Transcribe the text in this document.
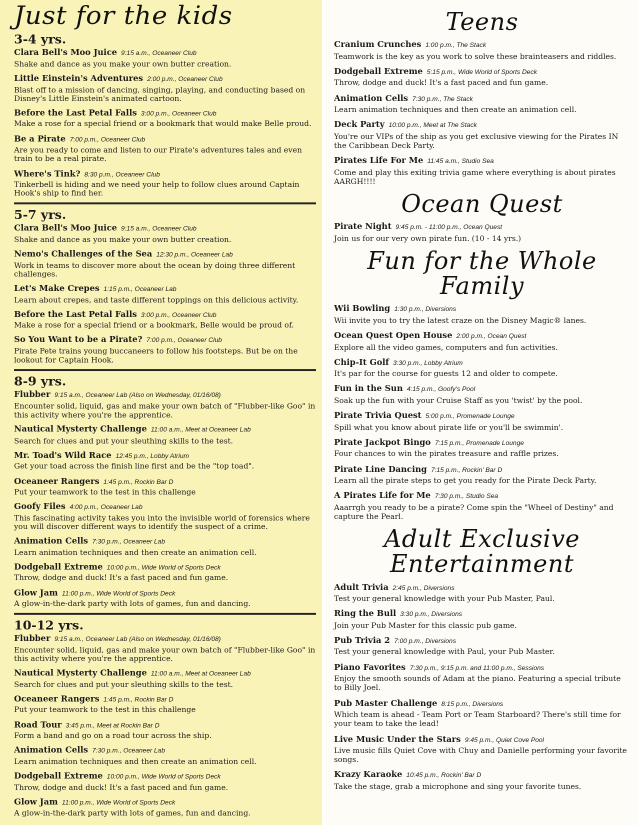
Just for the kids
3-4 yrs.
Clara Bell's Moo Juice 9:15 a.m., Oceaneer Club
Shake and dance as you make your own butter creation.
Little Einstein's Adventures 2:00 p.m., Oceaneer Club
Blast off to a mission of dancing, singing, playing, and conducting based on Disney's Little Einstein's animated cartoon.
Before the Last Petal Falls 3:00 p.m., Oceaneer Club
Make a rose for a special friend or a bookmark that would make Belle proud.
Be a Pirate 7:00 p.m., Oceaneer Club
Are you ready to come and listen to our Pirate's adventures tales and even train to be a real pirate.
Where's Tink? 8:30 p.m., Oceaneer Club
Tinkerbell is hiding and we need your help to follow clues around Captain Hook's ship to find her.
5-7 yrs.
Clara Bell's Moo Juice 9:15 a.m., Oceaneer Club
Shake and dance as you make your own butter creation.
Nemo's Challenges of the Sea 12:30 p.m., Oceaneer Lab
Work in teams to discover more about the ocean by doing three different challenges.
Let's Make Crepes 1:15 p.m., Oceaneer Lab
Learn about crepes, and taste different toppings on this delicious activity.
Before the Last Petal Falls 3:00 p.m., Oceaneer Club
Make a rose for a special friend or a bookmark, Belle would be proud of.
So You Want to be a Pirate? 7:00 p.m., Oceaneer Club
Pirate Pete trains young buccaneers to follow his footsteps. But be on the lookout for Captain Hook.
8-9 yrs.
Flubber 9:15 a.m., Oceaneer Lab (Also on Wednesday, 01/16/08)
Encounter solid, liquid, gas and make your own batch of "Flubber-like Goo" in this activity where you're the apprentice.
Nautical Mysterty Challenge 11:00 a.m., Meet at Oceaneer Lab
Search for clues and put your sleuthing skills to the test.
Mr. Toad's Wild Race 12:45 p.m., Lobby Atrium
Get your toad across the finish line first and be the "top toad".
Oceaneer Rangers 1:45 p.m., Rockin Bar D
Put your teamwork to the test in this challenge
Goofy Files 4:00 p.m., Oceaneer Lab
This fascinating activity takes you into the invisible world of forensics where you will discover different ways to identify the suspect of a crime.
Animation Cells 7:30 p.m., Oceaneer Lab
Learn animation techniques and then create an animation cell.
Dodgeball Extreme 10:00 p.m., Wide World of Sports Deck
Throw, dodge and duck! It's a fast paced and fun game.
Glow Jam 11:00 p.m., Wide World of Sports Deck
A glow-in-the-dark party with lots of games, fun and dancing.
10-12 yrs.
Flubber 9:15 a.m., Oceaneer Lab (Also on Wednesday, 01/16/08)
Encounter solid, liquid, gas and make your own batch of "Flubber-like Goo" in this activity where you're the apprentice.
Nautical Mysterty Challenge 11:00 a.m., Meet at Oceaneer Lab
Search for clues and put your sleuthing skills to the test.
Oceaneer Rangers 1:45 p.m., Rockin Bar D
Put your teamwork to the test in this challenge
Road Tour 3:45 p.m., Meet at Rockin Bar D
Form a band and go on a road tour across the ship.
Animation Cells 7:30 p.m., Oceaneer Lab
Learn animation techniques and then create an animation cell.
Dodgeball Extreme 10:00 p.m., Wide World of Sports Deck
Throw, dodge and duck! It's a fast paced and fun game.
Glow Jam 11:00 p.m., Wide World of Sports Deck
A glow-in-the-dark party with lots of games, fun and dancing.
Teens
Cranium Crunches 1:00 p.m., The Stack
Teamwork is the key as you work to solve these brainteasers and riddles.
Dodgeball Extreme 5:15 p.m., Wide World of Sports Deck
Throw, dodge and duck! It's a fast paced and fun game.
Animation Cells 7:30 p.m., The Stack
Learn animation techniques and then create an animation cell.
Deck Party 10:00 p.m., Meet at The Stack
You're our VIPs of the ship as you get exclusive viewing for the Pirates IN the Caribbean Deck Party.
Pirates Life For Me 11:45 a.m., Studio Sea
Come and play this exiting trivia game where everything is about pirates AARGH!!!!
Ocean Quest
Pirate Night 9:45 p.m. - 11:00 p.m., Ocean Quest
Join us for our very own pirate fun. (10 - 14 yrs.)
Fun for the Whole Family
Wii Bowling 1:30 p.m., Diversions
Wii invite you to try the latest craze on the Disney Magic® lanes.
Ocean Quest Open House 2:00 p.m., Ocean Quest
Explore all the video games, computers and fun activities.
Chip-It Golf 3:30 p.m., Lobby Atrium
It's par for the course for guests 12 and older to compete.
Fun in the Sun 4:15 p.m., Goofy's Pool
Soak up the fun with your Cruise Staff as you 'twist' by the pool.
Pirate Trivia Quest 5:00 p.m., Promenade Lounge
Spill what you know about pirate life or you'll be swimmin'.
Pirate Jackpot Bingo 7:15 p.m., Promenade Lounge
Four chances to win the pirates treasure and raffle prizes.
Pirate Line Dancing 7:15 p.m., Rockin' Bar D
Learn all the pirate steps to get you ready for the Pirate Deck Party.
A Pirates Life for Me 7:30 p.m., Studio Sea
Aaarrgh you ready to be a pirate? Come spin the "Wheel of Destiny" and capture the Pearl.
Adult Exclusive Entertainment
Adult Trivia 2:45 p.m., Diversions
Test your general knowledge with your Pub Master, Paul.
Ring the Bull 3:30 p.m., Diversions
Join your Pub Master for this classic pub game.
Pub Trivia 2 7:00 p.m., Diversions
Test your general knowledge with Paul, your Pub Master.
Piano Favorites 7:30 p.m., 9:15 p.m. and 11:00 p.m., Sessions
Enjoy the smooth sounds of Adam at the piano. Featuring a special tribute to Billy Joel.
Pub Master Challenge 8:15 p.m., Diversions
Which team is ahead - Team Port or Team Starboard? There's still time for your team to take the lead!
Live Music Under the Stars 9:45 p.m., Quiet Cove Pool
Live music fills Quiet Cove with Chuy and Danielle performing your favorite songs.
Krazy Karaoke 10:45 p.m., Rockin' Bar D
Take the stage, grab a microphone and sing your favorite tunes.
